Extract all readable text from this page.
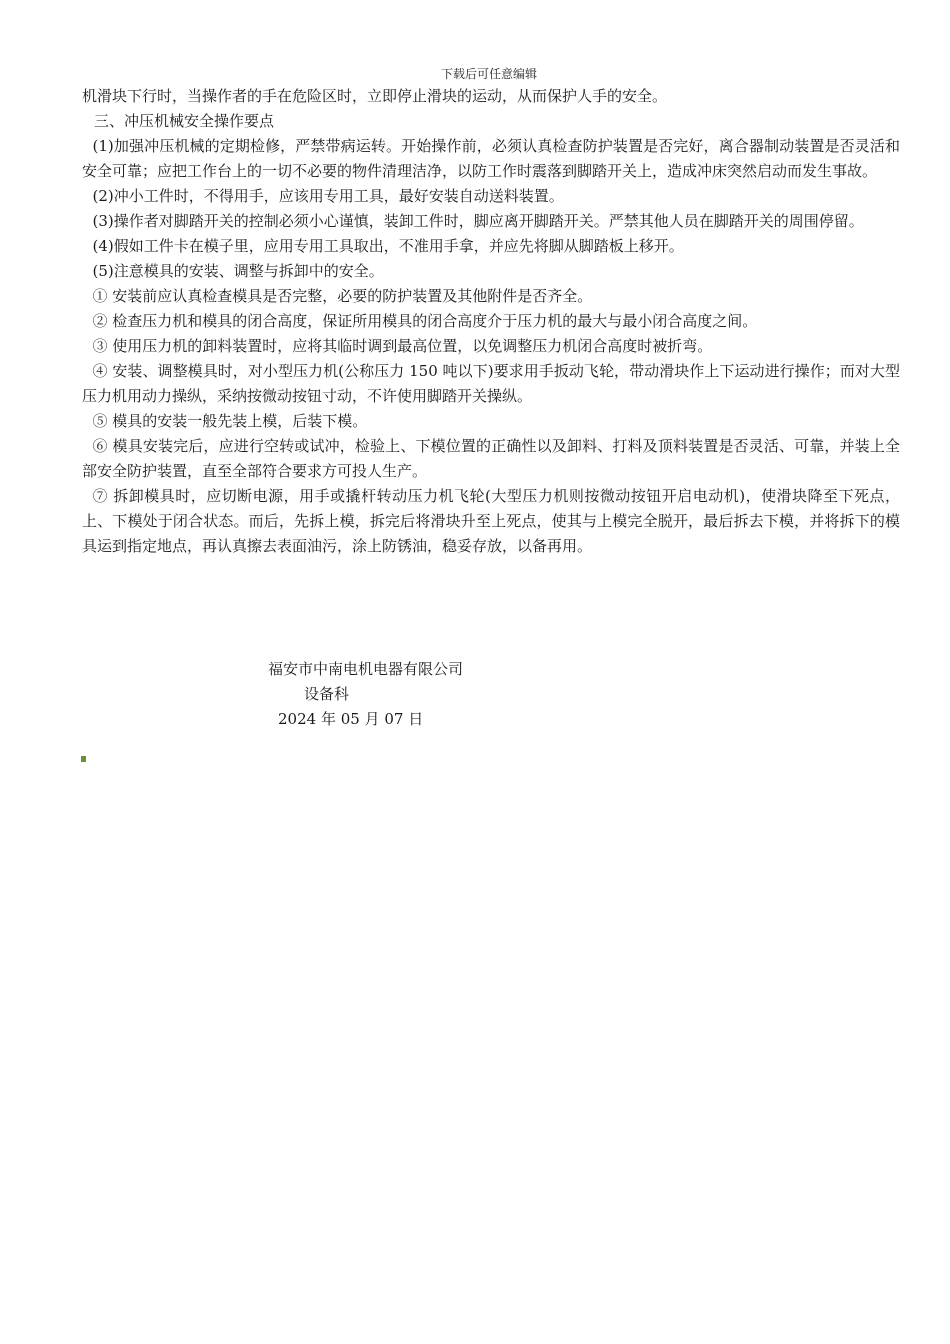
下载后可任意编辑

机滑块下行时，当操作者的手在危险区时，立即停止滑块的运动，从而保护人手的安全。

三、冲压机械安全操作要点

(1)加强冲压机械的定期检修，严禁带病运转。开始操作前，必须认真检查防护装置是否完好，离合器制动装置是否灵活和安全可靠；应把工作台上的一切不必要的物件清理洁净，以防工作时震落到脚踏开关上，造成冲床突然启动而发生事故。

(2)冲小工件时，不得用手，应该用专用工具，最好安装自动送料装置。

(3)操作者对脚踏开关的控制必须小心谨慎，装卸工件时，脚应离开脚踏开关。严禁其他人员在脚踏开关的周围停留。

(4)假如工件卡在模子里，应用专用工具取出，不准用手拿，并应先将脚从脚踏板上移开。

(5)注意模具的安装、调整与拆卸中的安全。

① 安装前应认真检查模具是否完整，必要的防护装置及其他附件是否齐全。

② 检查压力机和模具的闭合高度，保证所用模具的闭合高度介于压力机的最大与最小闭合高度之间。

③ 使用压力机的卸料装置时，应将其临时调到最高位置，以免调整压力机闭合高度时被折弯。

④ 安装、调整模具时，对小型压力机(公称压力 150 吨以下)要求用手扳动飞轮，带动滑块作上下运动进行操作；而对大型压力机用动力操纵，采纳按微动按钮寸动，不许使用脚踏开关操纵。

⑤ 模具的安装一般先装上模，后装下模。

⑥ 模具安装完后，应进行空转或试冲，检验上、下模位置的正确性以及卸料、打料及顶料装置是否灵活、可靠，并装上全部安全防护装置，直至全部符合要求方可投人生产。

⑦ 拆卸模具时，应切断电源，用手或撬杆转动压力机飞轮(大型压力机则按微动按钮开启电动机)，使滑块降至下死点，上、下模处于闭合状态。而后，先拆上模，拆完后将滑块升至上死点，使其与上模完全脱开，最后拆去下模，并将拆下的模具运到指定地点，再认真擦去表面油污，涂上防锈油，稳妥存放，以备再用。

福安市中南电机电器有限公司
设备科
2024 年 05 月 07 日
